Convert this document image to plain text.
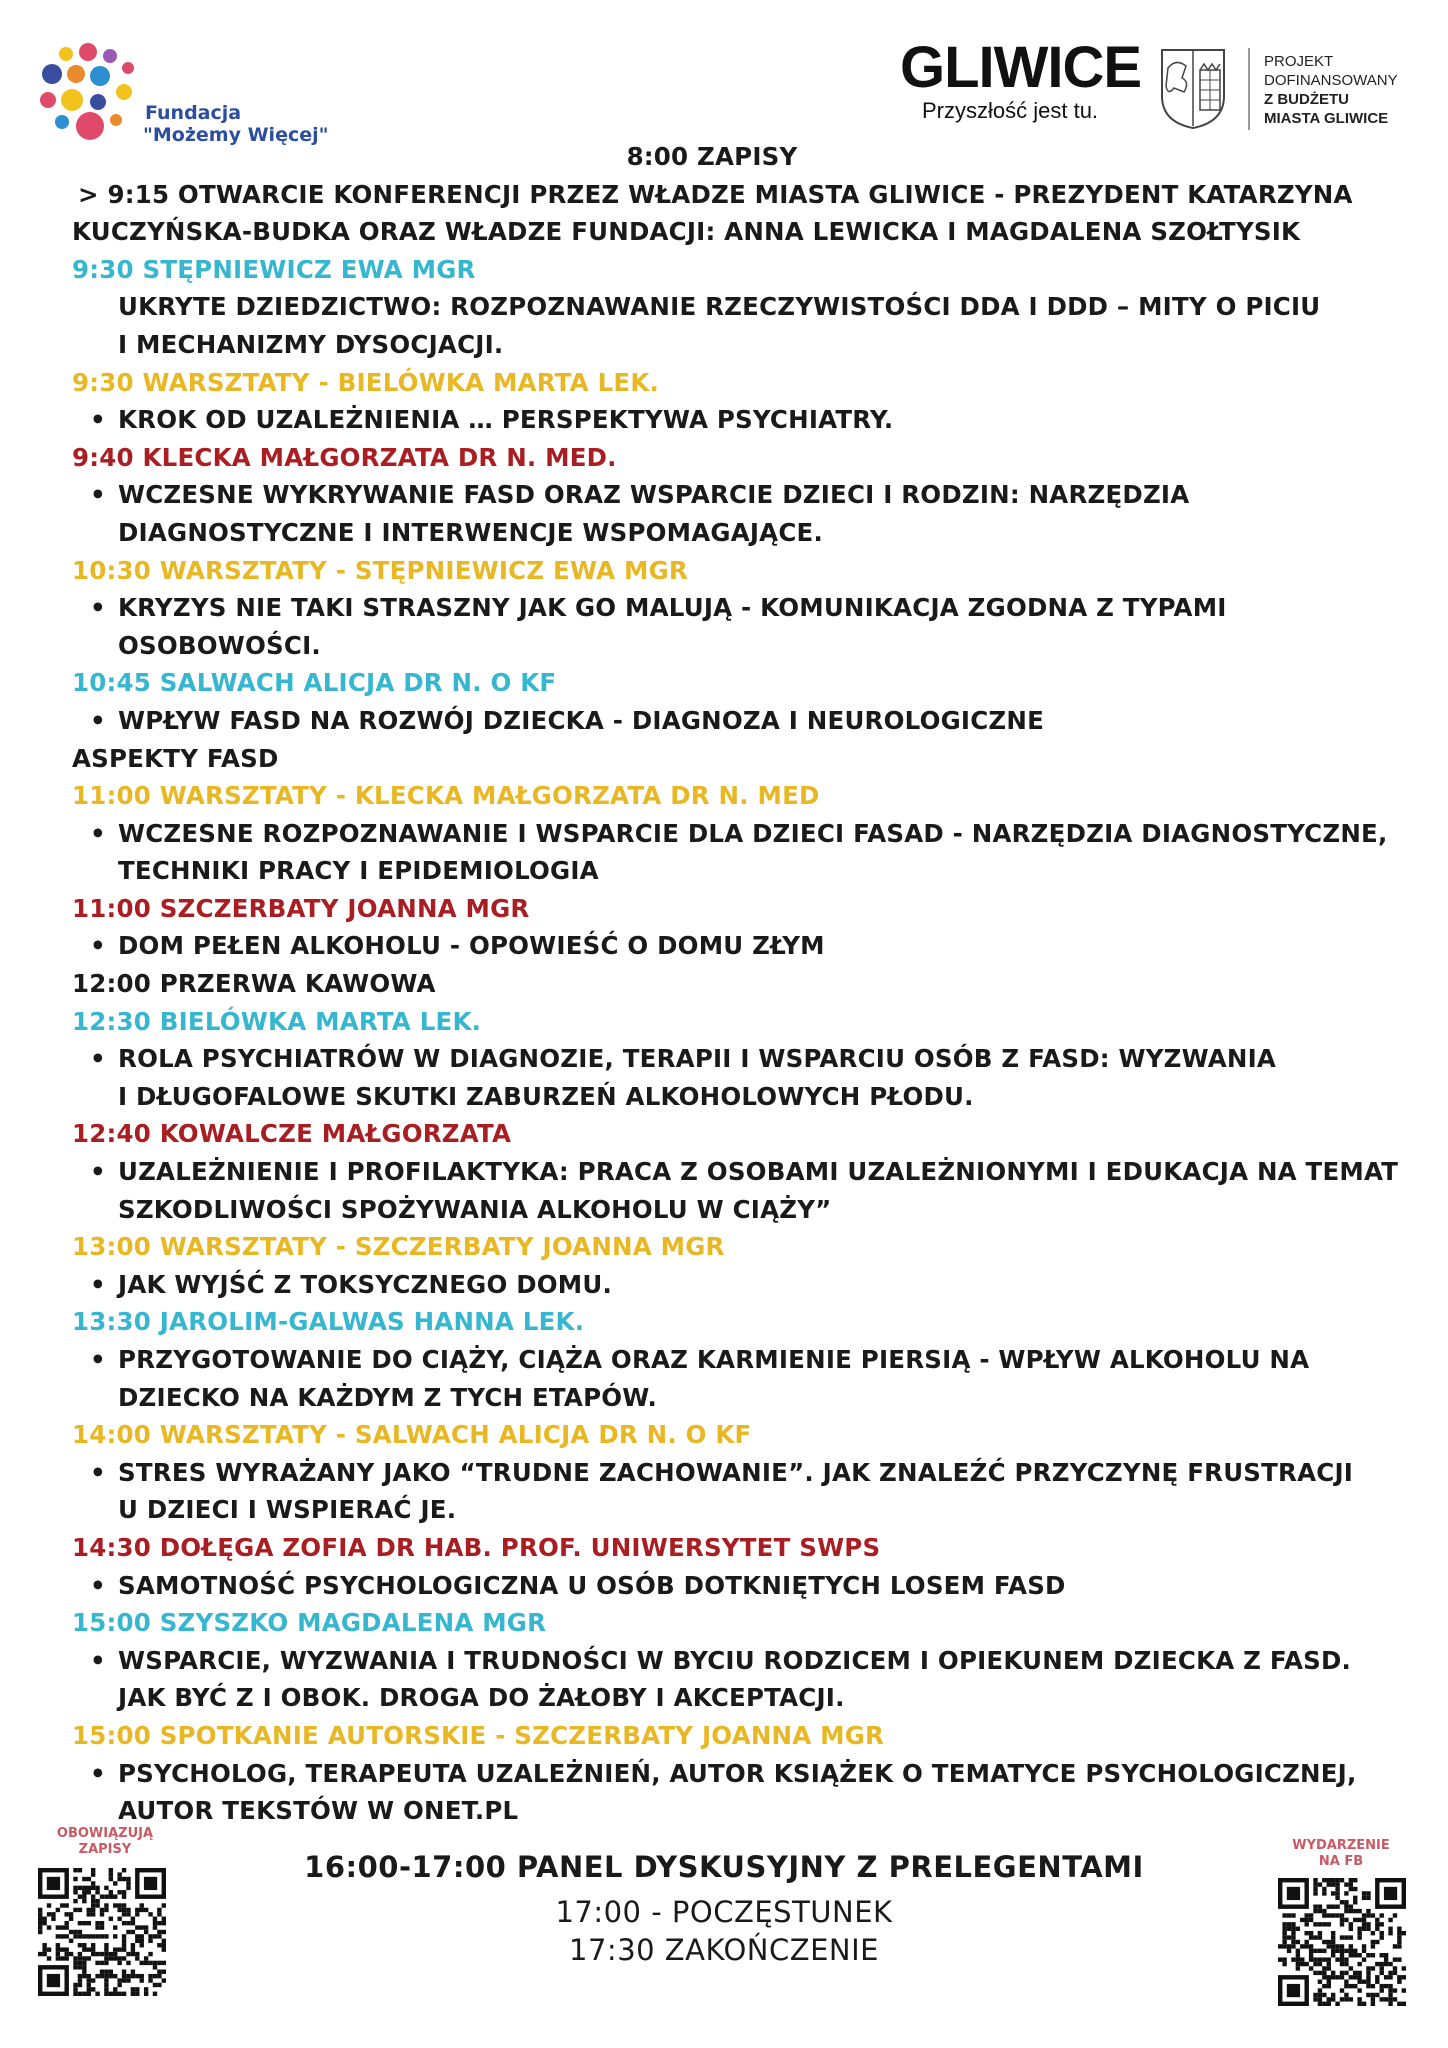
Fundacja
"Możemy Więcej"
GLIWICE
Przyszłość jest tu.
PROJEKT
DOFINANSOWANY
Z BUDŻETU
MIASTA GLIWICE
8:00 ZAPISY
> 9:15 OTWARCIE KONFERENCJI PRZEZ WŁADZE MIASTA GLIWICE - PREZYDENT KATARZYNA
KUCZYŃSKA-BUDKA ORAZ WŁADZE FUNDACJI: ANNA LEWICKA I MAGDALENA SZOŁTYSIK
9:30 STĘPNIEWICZ EWA MGR
UKRYTE DZIEDZICTWO: ROZPOZNAWANIE RZECZYWISTOŚCI DDA I DDD – MITY O PICIU
I MECHANIZMY DYSOCJACJI.
9:30 WARSZTATY - BIELÓWKA MARTA LEK.
• KROK OD UZALEŻNIENIA … PERSPEKTYWA PSYCHIATRY.
9:40 KLECKA MAŁGORZATA DR N. MED.
• WCZESNE WYKRYWANIE FASD ORAZ WSPARCIE DZIECI I RODZIN: NARZĘDZIA
DIAGNOSTYCZNE I INTERWENCJE WSPOMAGAJĄCE.
10:30 WARSZTATY - STĘPNIEWICZ EWA MGR
• KRYZYS NIE TAKI STRASZNY JAK GO MALUJĄ - KOMUNIKACJA ZGODNA Z TYPAMI
OSOBOWOŚCI.
10:45 SALWACH ALICJA DR N. O KF
• WPŁYW FASD NA ROZWÓJ DZIECKA - DIAGNOZA I NEUROLOGICZNE
ASPEKTY FASD
11:00 WARSZTATY - KLECKA MAŁGORZATA DR N. MED
• WCZESNE ROZPOZNAWANIE I WSPARCIE DLA DZIECI FASAD - NARZĘDZIA DIAGNOSTYCZNE,
TECHNIKI PRACY I EPIDEMIOLOGIA
11:00 SZCZERBATY JOANNA MGR
• DOM PEŁEN ALKOHOLU - OPOWIEŚĆ O DOMU ZŁYM
12:00 PRZERWA KAWOWA
12:30 BIELÓWKA MARTA LEK.
• ROLA PSYCHIATRÓW W DIAGNOZIE, TERAPII I WSPARCIU OSÓB Z FASD: WYZWANIA
I DŁUGOFALOWE SKUTKI ZABURZEŃ ALKOHOLOWYCH PŁODU.
12:40 KOWALCZE MAŁGORZATA
• UZALEŻNIENIE I PROFILAKTYKA: PRACA Z OSOBAMI UZALEŻNIONYMI I EDUKACJA NA TEMAT
SZKODLIWOŚCI SPOŻYWANIA ALKOHOLU W CIĄŻY”
13:00 WARSZTATY - SZCZERBATY JOANNA MGR
• JAK WYJŚĆ Z TOKSYCZNEGO DOMU.
13:30 JAROLIM-GALWAS HANNA LEK.
• PRZYGOTOWANIE DO CIĄŻY, CIĄŻA ORAZ KARMIENIE PIERSIĄ - WPŁYW ALKOHOLU NA
DZIECKO NA KAŻDYM Z TYCH ETAPÓW.
14:00 WARSZTATY - SALWACH ALICJA DR N. O KF
• STRES WYRAŻANY JAKO “TRUDNE ZACHOWANIE”. JAK ZNALEŹĆ PRZYCZYNĘ FRUSTRACJI
U DZIECI I WSPIERAĆ JE.
14:30 DOŁĘGA ZOFIA DR HAB. PROF. UNIWERSYTET SWPS
• SAMOTNOŚĆ PSYCHOLOGICZNA U OSÓB DOTKNIĘTYCH LOSEM FASD
15:00 SZYSZKO MAGDALENA MGR
• WSPARCIE, WYZWANIA I TRUDNOŚCI W BYCIU RODZICEM I OPIEKUNEM DZIECKA Z FASD.
JAK BYĆ Z I OBOK. DROGA DO ŻAŁOBY I AKCEPTACJI.
15:00 SPOTKANIE AUTORSKIE - SZCZERBATY JOANNA MGR
• PSYCHOLOG, TERAPEUTA UZALEŻNIEŃ, AUTOR KSIĄŻEK O TEMATYCE PSYCHOLOGICZNEJ,
AUTOR TEKSTÓW W ONET.PL
OBOWIĄZUJĄ
ZAPISY	WYDARZENIE
NA FB
16:00-17:00 PANEL DYSKUSYJNY Z PRELEGENTAMI
17:00 - POCZĘSTUNEK
17:30 ZAKOŃCZENIE
